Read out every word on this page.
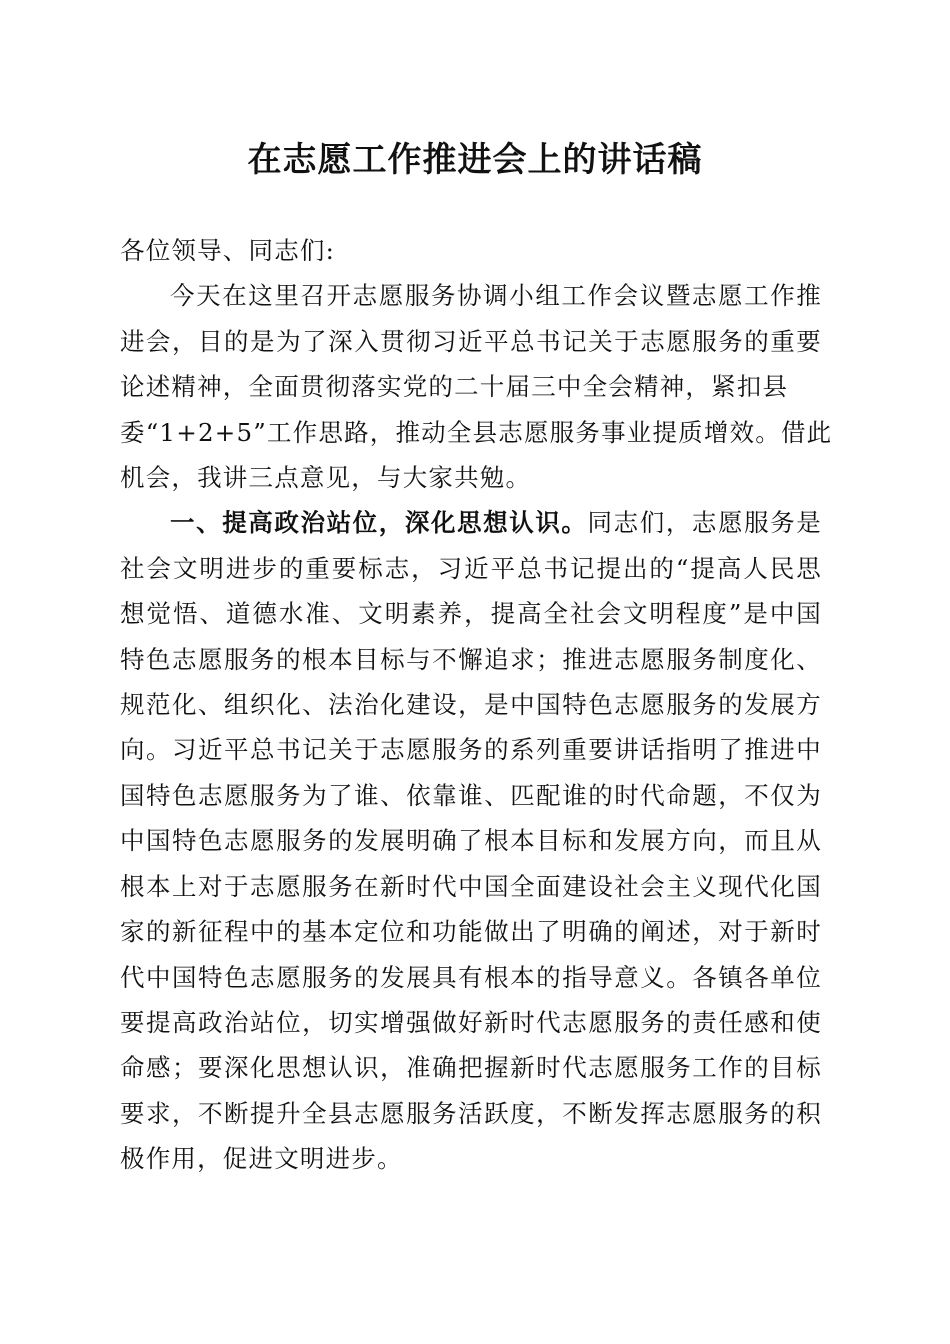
在志愿工作推进会上的讲话稿
各位领导、同志们:
今天在这里召开志愿服务协调小组工作会议暨志愿工作推
进会，目的是为了深入贯彻习近平总书记关于志愿服务的重要
论述精神，全面贯彻落实党的二十届三中全会精神，紧扣县
委“1+2+5”工作思路，推动全县志愿服务事业提质增效。借此
机会，我讲三点意见，与大家共勉。
一、提高政治站位，深化思想认识。同志们，志愿服务是
社会文明进步的重要标志，习近平总书记提出的“提高人民思
想觉悟、道德水准、文明素养，提高全社会文明程度”是中国
特色志愿服务的根本目标与不懈追求；推进志愿服务制度化、
规范化、组织化、法治化建设，是中国特色志愿服务的发展方
向。习近平总书记关于志愿服务的系列重要讲话指明了推进中
国特色志愿服务为了谁、依靠谁、匹配谁的时代命题，不仅为
中国特色志愿服务的发展明确了根本目标和发展方向，而且从
根本上对于志愿服务在新时代中国全面建设社会主义现代化国
家的新征程中的基本定位和功能做出了明确的阐述，对于新时
代中国特色志愿服务的发展具有根本的指导意义。各镇各单位
要提高政治站位，切实增强做好新时代志愿服务的责任感和使
命感；要深化思想认识，准确把握新时代志愿服务工作的目标
要求，不断提升全县志愿服务活跃度，不断发挥志愿服务的积
极作用，促进文明进步。
